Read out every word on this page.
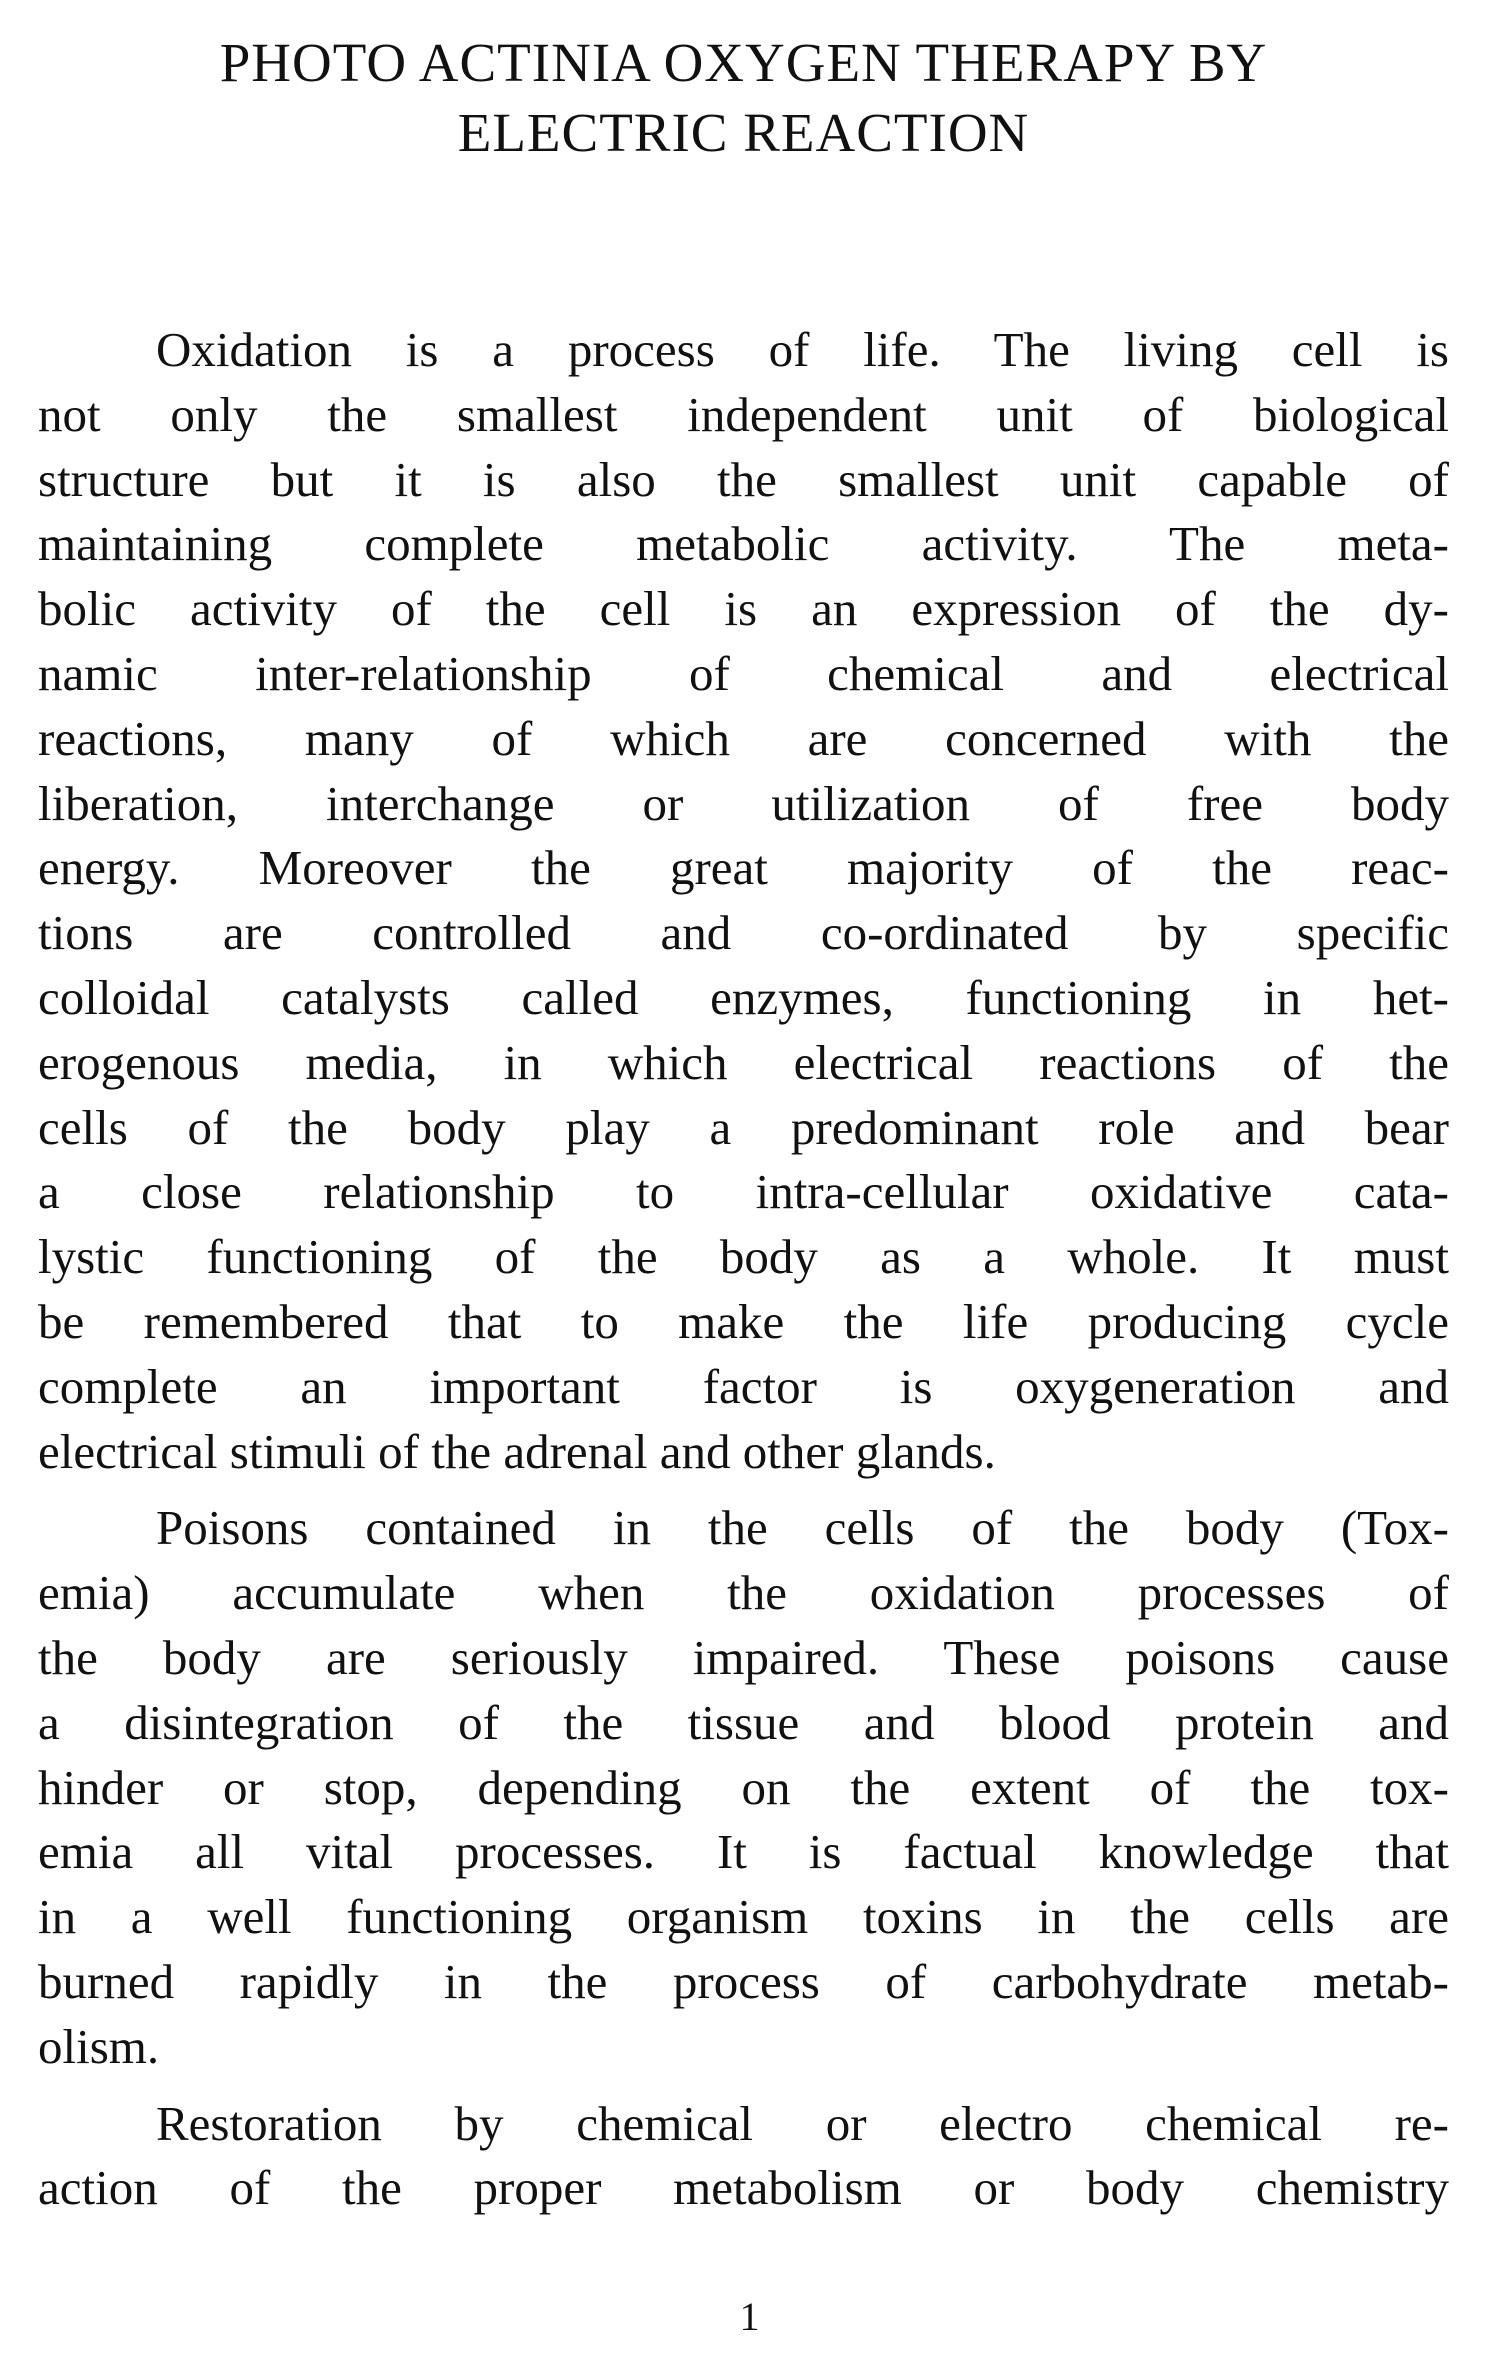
PHOTO ACTINIA OXYGEN THERAPY BY
ELECTRIC REACTION

Oxidation is a process of life. The living cell is
not only the smallest independent unit of biological
structure but it is also the smallest unit capable of
maintaining complete metabolic activity. The meta-
bolic activity of the cell is an expression of the dy-
namic inter-relationship of chemical and electrical
reactions, many of which are concerned with the
liberation, interchange or utilization of free body
energy. Moreover the great majority of the reac-
tions are controlled and co-ordinated by specific
colloidal catalysts called enzymes, functioning in het-
erogenous media, in which electrical reactions of the
cells of the body play a predominant role and bear
a close relationship to intra-cellular oxidative cata-
lystic functioning of the body as a whole. It must
be remembered that to make the life producing cycle
complete an important factor is oxygeneration and
electrical stimuli of the adrenal and other glands.

Poisons contained in the cells of the body (Tox-
emia) accumulate when the oxidation processes of
the body are seriously impaired. These poisons cause
a disintegration of the tissue and blood protein and
hinder or stop, depending on the extent of the tox-
emia all vital processes. It is factual knowledge that
in a well functioning organism toxins in the cells are
burned rapidly in the process of carbohydrate metab-
olism.

Restoration by chemical or electro chemical re-
action of the proper metabolism or body chemistry

1
